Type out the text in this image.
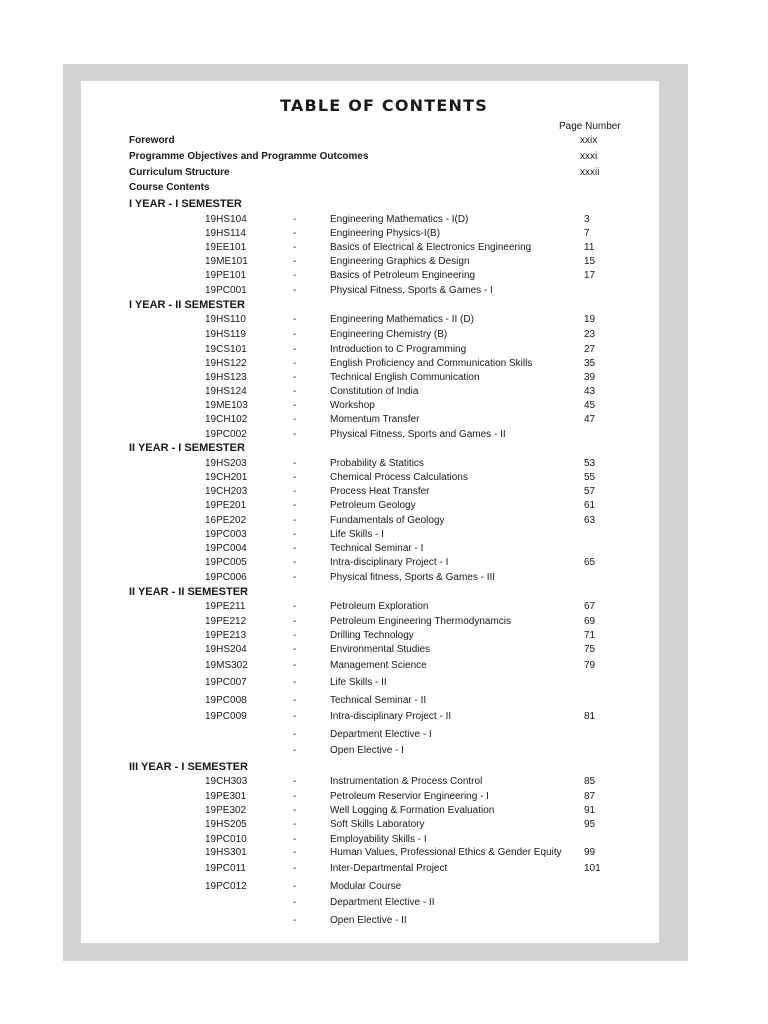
TABLE OF CONTENTS
Page Number
Foreword	xxix
Programme Objectives and Programme Outcomes	xxxi
Curriculum Structure	xxxii
Course Contents
I YEAR - I SEMESTER
19HS104	-	Engineering Mathematics - I(D)	3
19HS114	-	Engineering Physics-I(B)	7
19EE101	-	Basics of Electrical & Electronics Engineering	11
19ME101	-	Engineering Graphics & Design	15
19PE101	-	Basics of Petroleum Engineering	17
19PC001	-	Physical Fitness, Sports & Games - I
I YEAR - II SEMESTER
19HS110	-	Engineering Mathematics - II (D)	19
19HS119	-	Engineering Chemistry (B)	23
19CS101	-	Introduction to C Programming	27
19HS122	-	English Proficiency and Communication Skills	35
19HS123	-	Technical English Communication	39
19HS124	-	Constitution of India	43
19ME103	-	Workshop	45
19CH102	-	Momentum Transfer	47
19PC002	-	Physical Fitness, Sports and Games - II
II YEAR - I SEMESTER
19HS203	-	Probability & Statitics	53
19CH201	-	Chemical Process Calculations	55
19CH203	-	Process Heat Transfer	57
19PE201	-	Petroleum Geology	61
16PE202	-	Fundamentals of Geology	63
19PC003	-	Life Skills - I
19PC004	-	Technical Seminar - I
19PC005	-	Intra-disciplinary Project - I	65
19PC006	-	Physical fitness, Sports & Games - III
II YEAR - II SEMESTER
19PE211	-	Petroleum Exploration	67
19PE212	-	Petroleum Engineering Thermodynamcis	69
19PE213	-	Drilling Technology	71
19HS204	-	Environmental Studies	75
19MS302	-	Management Science	79
19PC007	-	Life Skills - II
19PC008	-	Technical Seminar - II
19PC009	-	Intra-disciplinary Project - II	81
-	Department Elective - I
-	Open Elective - I
III YEAR - I SEMESTER
19CH303	-	Instrumentation & Process Control	85
19PE301	-	Petroleum Reservior Engineering - I	87
19PE302	-	Well Logging & Formation Evaluation	91
19HS205	-	Soft Skills Laboratory	95
19PC010	-	Employability Skills - I
19HS301	-	Human Values, Professional Ethics & Gender Equity 99
19PC011	-	Inter-Departmental Project	101
19PC012	-	Modular Course
-	Department Elective - II
-	Open Elective - II
